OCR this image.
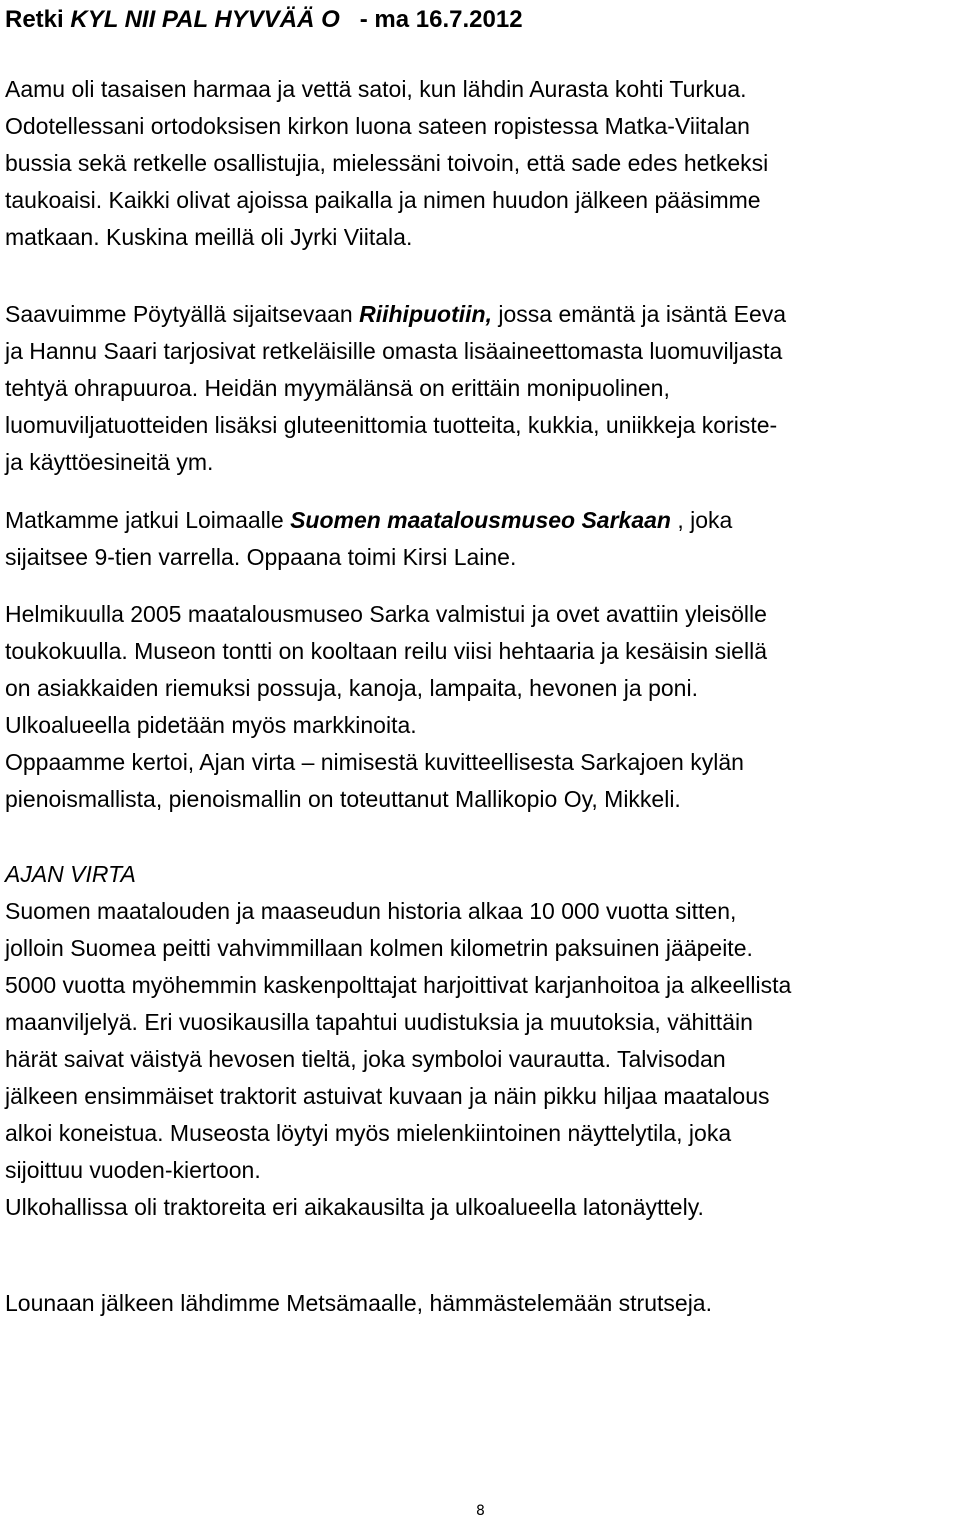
Retki KYL NII PAL HYVVÄÄ O   - ma 16.7.2012
Aamu oli tasaisen harmaa ja vettä satoi, kun lähdin Aurasta kohti Turkua.
Odotellessani ortodoksisen kirkon luona sateen ropistessa Matka-Viitalan
bussia sekä retkelle osallistujia, mielessäni toivoin, että sade edes hetkeksi
taukoaisi. Kaikki olivat ajoissa paikalla ja nimen huudon jälkeen pääsimme
matkaan. Kuskina meillä oli Jyrki Viitala.
Saavuimme Pöytyällä sijaitsevaan Riihipuotiin, jossa emäntä ja isäntä Eeva
ja Hannu Saari tarjosivat retkeläisille omasta lisäaineettomasta luomuviljasta
tehtyä ohrapuuroa. Heidän myymälänsä on erittäin monipuolinen,
luomuviljatuotteiden lisäksi gluteenittomia tuotteita, kukkia, uniikkeja koriste-
ja käyttöesineitä ym.
Matkamme jatkui Loimaalle Suomen maatalousmuseo Sarkaan , joka
sijaitsee 9-tien varrella. Oppaana toimi Kirsi Laine.
Helmikuulla 2005 maatalousmuseo Sarka valmistui ja ovet avattiin yleisölle
toukokuulla. Museon tontti on kooltaan reilu viisi hehtaaria ja kesäisin siellä
on asiakkaiden riemuksi possuja, kanoja, lampaita, hevonen ja poni.
Ulkoalueella pidetään myös markkinoita.
Oppaamme kertoi, Ajan virta – nimisestä kuvitteellisesta Sarkajoen kylän
pienoismallista, pienoismallin on toteuttanut Mallikopio Oy, Mikkeli.
AJAN VIRTA
Suomen maatalouden ja maaseudun historia alkaa 10 000 vuotta sitten,
jolloin Suomea peitti vahvimmillaan kolmen kilometrin paksuinen jääpeite.
5000 vuotta myöhemmin kaskenpolttajat harjoittivat karjanhoitoa ja alkeellista
maanviljelyä. Eri vuosikausilla tapahtui uudistuksia ja muutoksia, vähittäin
härät saivat väistyä hevosen tieltä, joka symboloi vaurautta. Talvisodan
jälkeen ensimmäiset traktorit astuivat kuvaan ja näin pikku hiljaa maatalous
alkoi koneistua. Museosta löytyi myös mielenkiintoinen näyttelytila, joka
sijoittuu vuoden-kiertoon.
Ulkohallissa oli traktoreita eri aikakausilta ja ulkoalueella latonäyttely.
Lounaan jälkeen lähdimme Metsämaalle, hämmästelemään strutseja.
8
